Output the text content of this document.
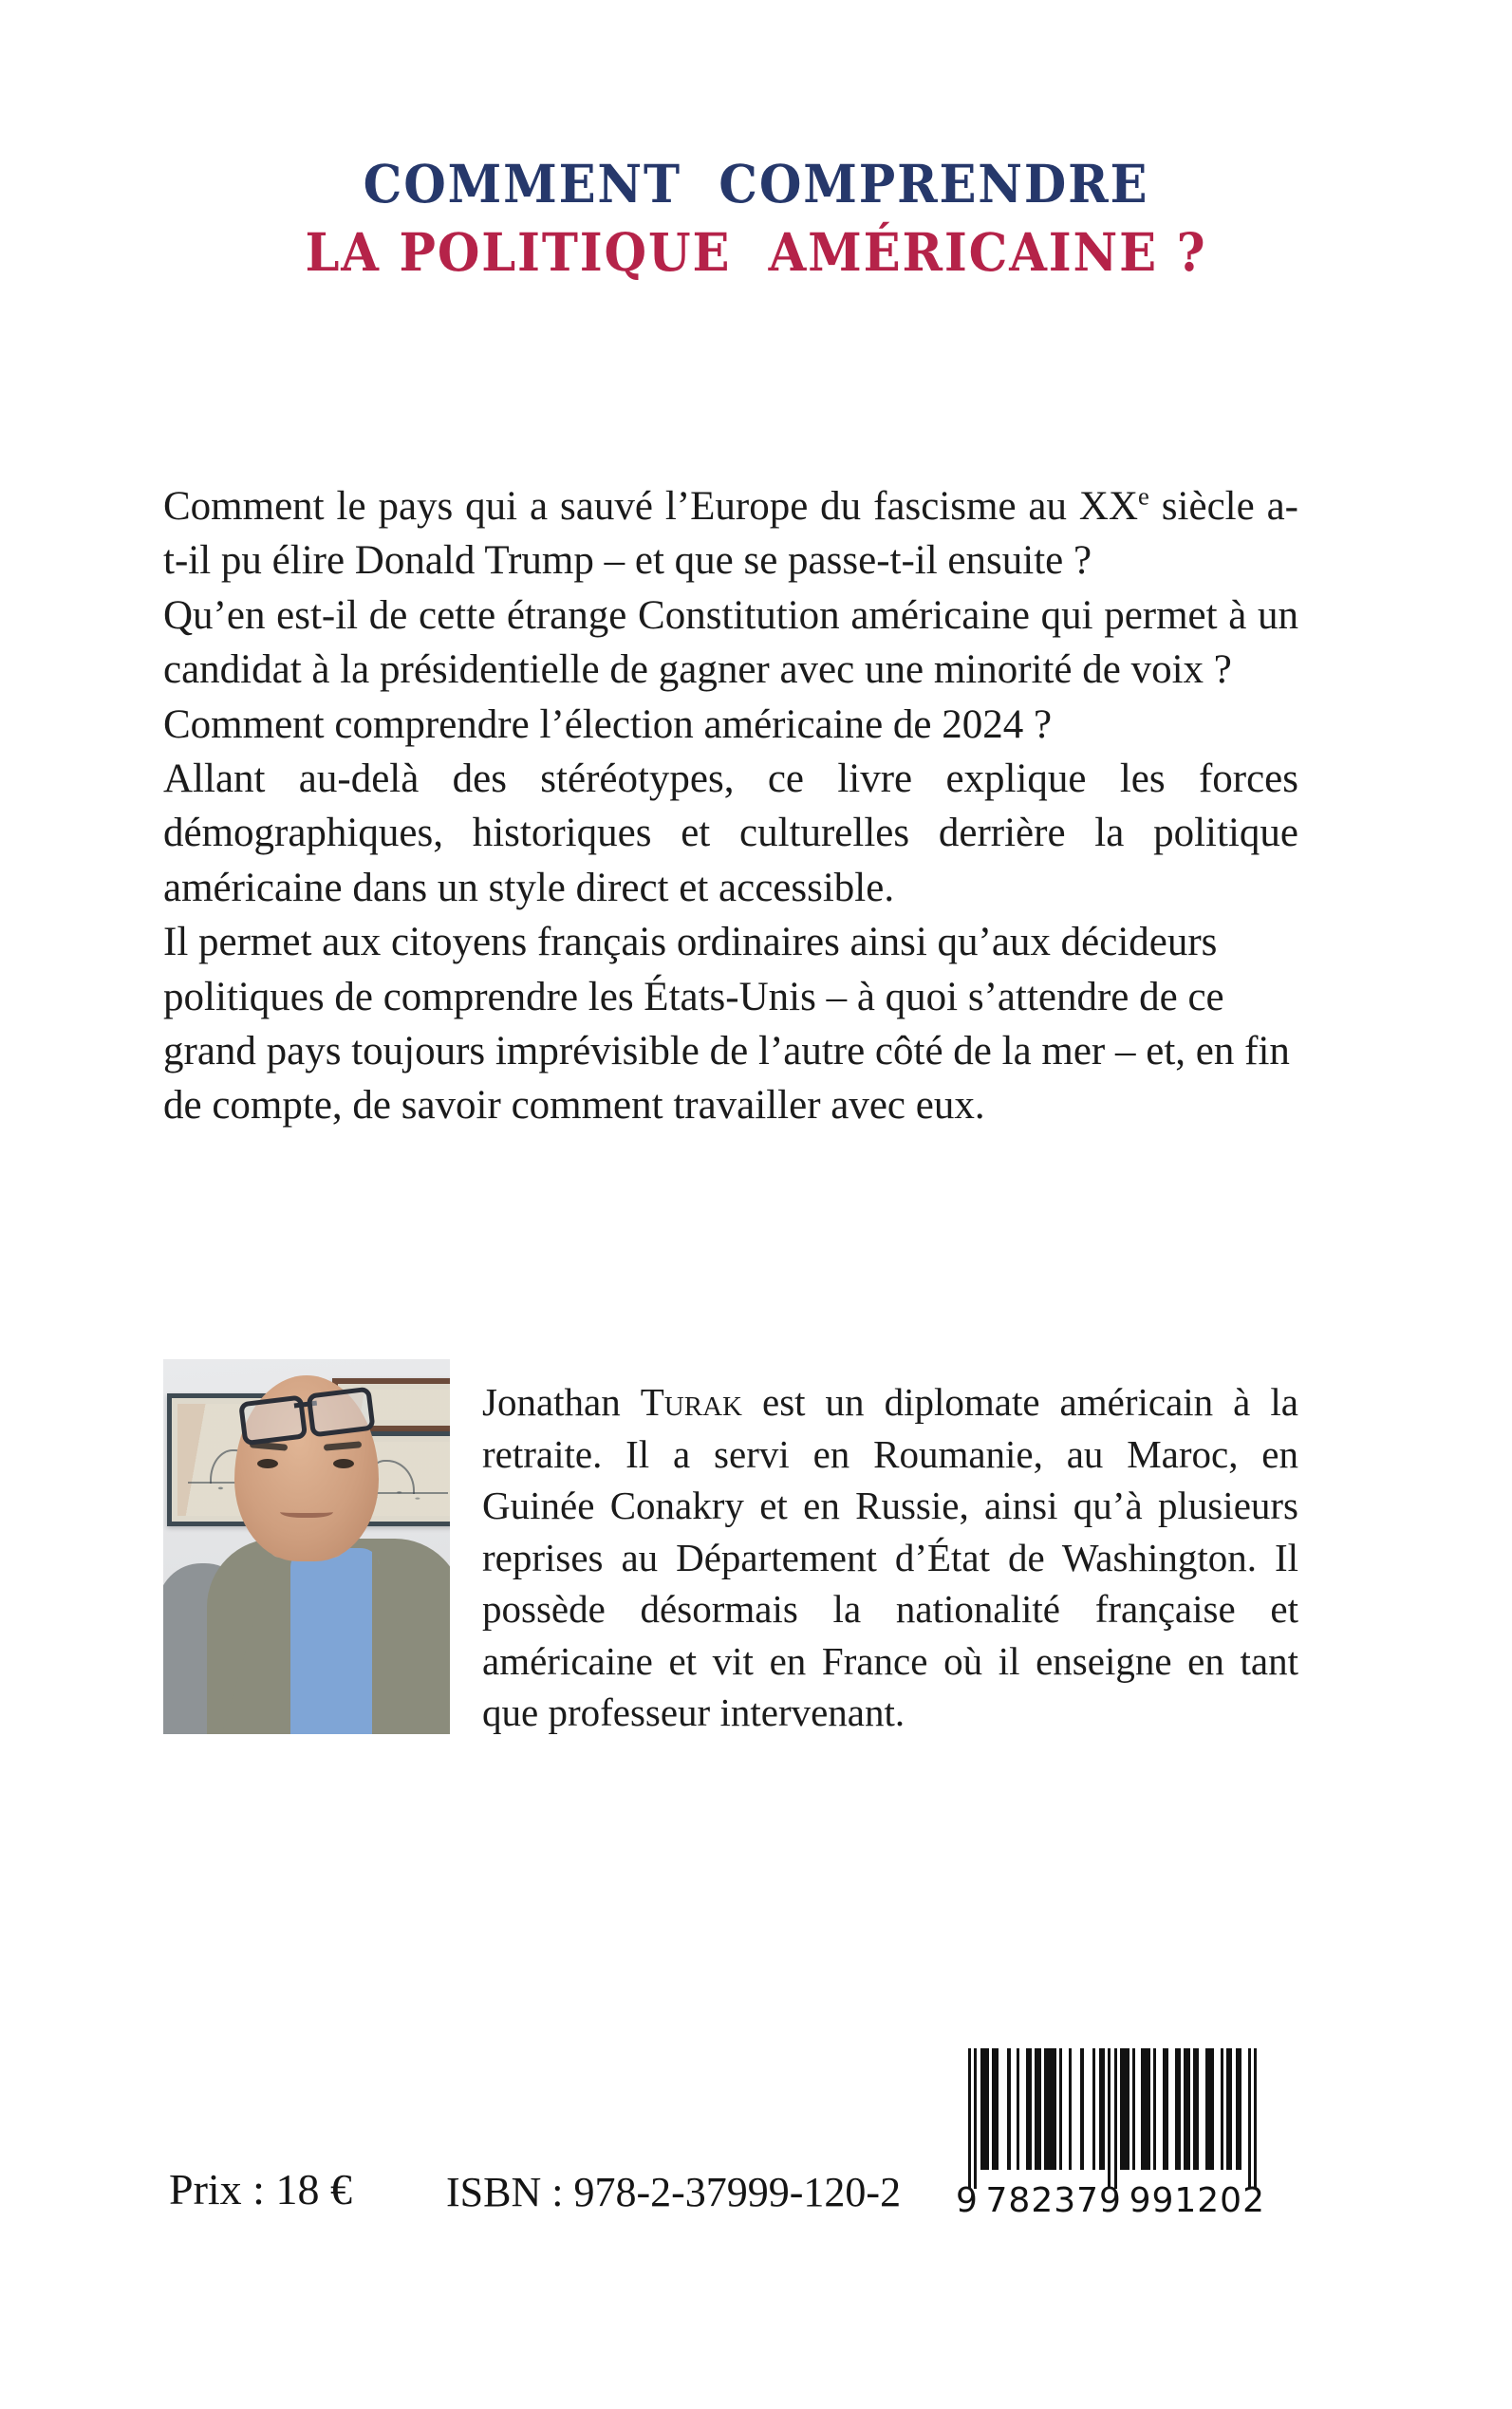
COMMENT  COMPRENDRE
LA POLITIQUE  AMÉRICAINE ?

Comment le pays qui a sauvé l’Europe du fascisme au XXe siècle a-t-il pu élire Donald Trump – et que se passe-t-il ensuite ?

Qu’en est-il de cette étrange Constitution américaine qui permet à un candidat à la présidentielle de gagner avec une minorité de voix ?

Comment comprendre l’élection américaine de 2024 ?

Allant au-delà des stéréotypes, ce livre explique les forces démographiques, historiques et culturelles derrière la politique américaine dans un style direct et accessible.

Il permet aux citoyens français ordinaires ainsi qu’aux décideurs politiques de comprendre les États-Unis – à quoi s’attendre de ce grand pays toujours imprévisible de l’autre côté de la mer – et, en fin de compte, de savoir comment travailler avec eux.

Jonathan Turak est un diplomate américain à la retraite. Il a servi en Roumanie, au Maroc, en Guinée Conakry et en Russie, ainsi qu’à plusieurs reprises au Département d’État de Washington. Il possède désormais la nationalité française et américaine et vit en France où il enseigne en tant que professeur intervenant.

9 782379 991202
Prix : 18 € ISBN : 978-2-37999-120-2
